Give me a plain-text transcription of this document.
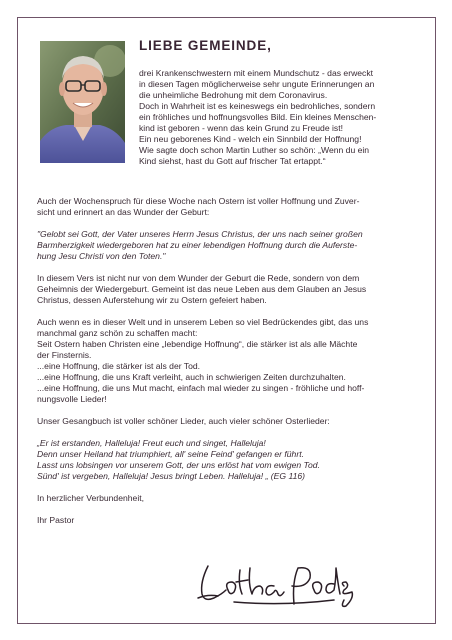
LIEBE GEMEINDE,
drei Krankenschwestern mit einem Mundschutz - das erweckt
in diesen Tagen möglicherweise sehr ungute Erinnerungen an
die unheimliche Bedrohung mit dem Coronavirus.
Doch in Wahrheit ist es keineswegs ein bedrohliches, sondern
ein fröhliches und hoffnungsvolles Bild. Ein kleines Menschen-
kind ist geboren - wenn das kein Grund zu Freude ist!
Ein neu geborenes Kind - welch ein Sinnbild der Hoffnung!
Wie sagte doch schon Martin Luther so schön: „Wenn du ein
Kind siehst, hast du Gott auf frischer Tat ertappt.“

Auch der Wochenspruch für diese Woche nach Ostern ist voller Hoffnung und Zuver-
sicht und erinnert an das Wunder der Geburt:

"Gelobt sei Gott, der Vater unseres Herrn Jesus Christus, der uns nach seiner großen
Barmherzigkeit wiedergeboren hat zu einer lebendigen Hoffnung durch die Auferste-
hung Jesu Christi von den Toten."

In diesem Vers ist nicht nur von dem Wunder der Geburt die Rede, sondern von dem
Geheimnis der Wiedergeburt. Gemeint ist das neue Leben aus dem Glauben an Jesus
Christus, dessen Auferstehung wir zu Ostern gefeiert haben.

Auch wenn es in dieser Welt und in unserem Leben so viel Bedrückendes gibt, das uns
manchmal ganz schön zu schaffen macht:
Seit Ostern haben Christen eine „lebendige Hoffnung“, die stärker ist als alle Mächte
der Finsternis.
...eine Hoffnung, die stärker ist als der Tod.
...eine Hoffnung, die uns Kraft verleiht, auch in schwierigen Zeiten durchzuhalten.
...eine Hoffnung, die uns Mut macht, einfach mal wieder zu singen - fröhliche und hoff-
nungsvolle Lieder!

Unser Gesangbuch ist voller schöner Lieder, auch vieler schöner Osterlieder:

„Er ist erstanden, Halleluja! Freut euch und singet, Halleluja!
Denn unser Heiland hat triumphiert, all' seine Feind' gefangen er führt.
Lasst uns lobsingen vor unserem Gott, der uns erlöst hat vom ewigen Tod.
Sünd' ist vergeben, Halleluja! Jesus bringt Leben. Halleluja! „ (EG 116)

In herzlicher Verbundenheit,

Ihr Pastor
